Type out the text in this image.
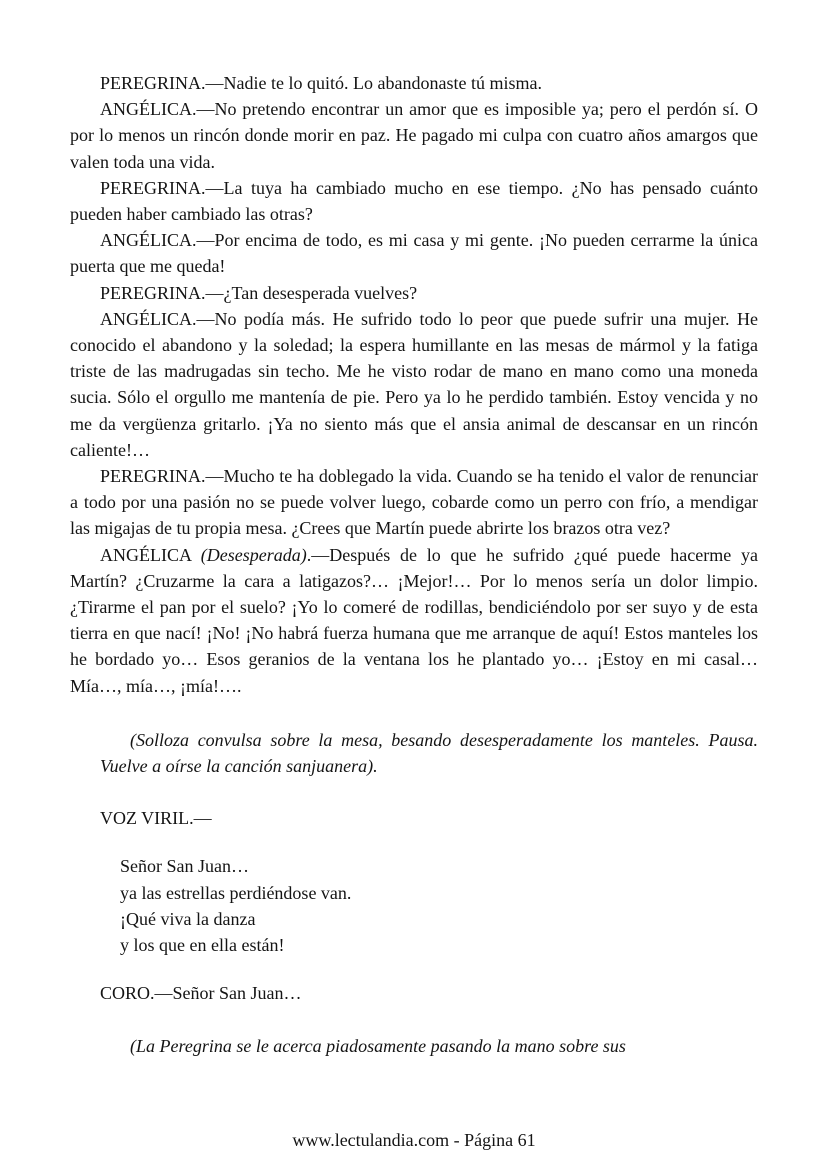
PEREGRINA.—Nadie te lo quitó. Lo abandonaste tú misma.

ANGÉLICA.—No pretendo encontrar un amor que es imposible ya; pero el perdón sí. O por lo menos un rincón donde morir en paz. He pagado mi culpa con cuatro años amargos que valen toda una vida.

PEREGRINA.—La tuya ha cambiado mucho en ese tiempo. ¿No has pensado cuánto pueden haber cambiado las otras?

ANGÉLICA.—Por encima de todo, es mi casa y mi gente. ¡No pueden cerrarme la única puerta que me queda!

PEREGRINA.—¿Tan desesperada vuelves?

ANGÉLICA.—No podía más. He sufrido todo lo peor que puede sufrir una mujer. He conocido el abandono y la soledad; la espera humillante en las mesas de mármol y la fatiga triste de las madrugadas sin techo. Me he visto rodar de mano en mano como una moneda sucia. Sólo el orgullo me mantenía de pie. Pero ya lo he perdido también. Estoy vencida y no me da vergüenza gritarlo. ¡Ya no siento más que el ansia animal de descansar en un rincón caliente!…

PEREGRINA.—Mucho te ha doblegado la vida. Cuando se ha tenido el valor de renunciar a todo por una pasión no se puede volver luego, cobarde como un perro con frío, a mendigar las migajas de tu propia mesa. ¿Crees que Martín puede abrirte los brazos otra vez?

ANGÉLICA (Desesperada).—Después de lo que he sufrido ¿qué puede hacerme ya Martín? ¿Cruzarme la cara a latigazos?… ¡Mejor!… Por lo menos sería un dolor limpio. ¿Tirarme el pan por el suelo? ¡Yo lo comeré de rodillas, bendiciéndolo por ser suyo y de esta tierra en que nací! ¡No! ¡No habrá fuerza humana que me arranque de aquí! Estos manteles los he bordado yo… Esos geranios de la ventana los he plantado yo… ¡Estoy en mi casal… Mía…, mía…, ¡mía!….

(Solloza convulsa sobre la mesa, besando desesperadamente los manteles. Pausa. Vuelve a oírse la canción sanjuanera).

VOZ VIRIL.—

Señor San Juan…
ya las estrellas perdiéndose van.
¡Qué viva la danza
y los que en ella están!

CORO.—Señor San Juan…

(La Peregrina se le acerca piadosamente pasando la mano sobre sus

www.lectulandia.com - Página 61
